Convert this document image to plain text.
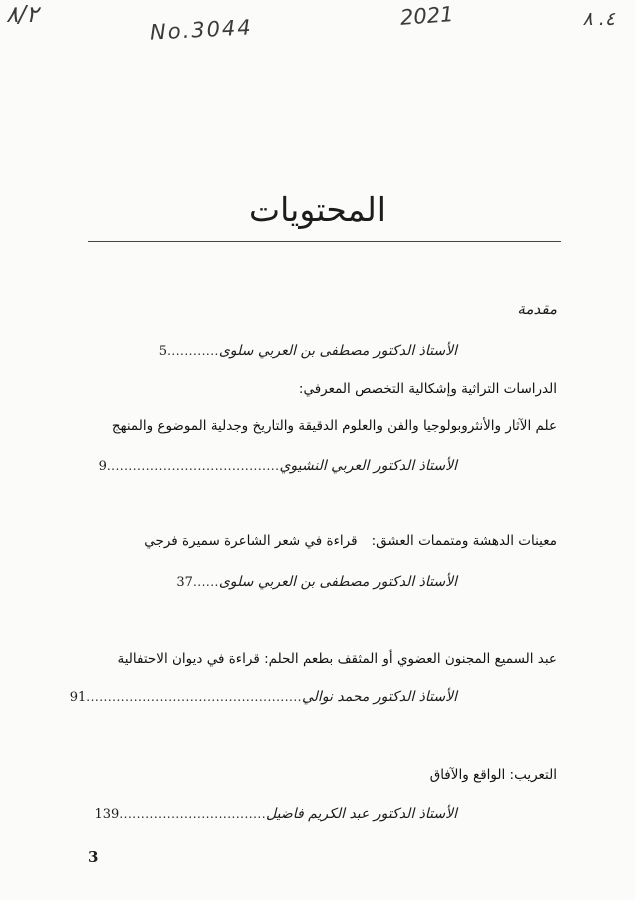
٨/٢
No.3044	2021	٤. ٨
المحتويات
مقدمة
الأستاذ الدكتور مصطفى بن العربي سلوى
............
5
الدراسات التراثية وإشكالية التخصص المعرفي:
علم الآثار والأنثروبولوجيا والفن والعلوم الدقيقة والتاريخ وجدلية الموضوع والمنهج
الأستاذ الدكتور العربي النشيوي
........................................
9
معينات الدهشة ومتممات العشق:قراءة في شعر الشاعرة سميرة فرجي
الأستاذ الدكتور مصطفى بن العربي سلوى
......
37
عبد السميع المجنون العضوي أو المثقف بطعم الحلم: قراءة في ديوان الاحتفالية
الأستاذ الدكتور محمد نوالي
..................................................
91
التعريب: الواقع والآفاق
الأستاذ الدكتور عبد الكريم فاضيل
..................................
139
3
